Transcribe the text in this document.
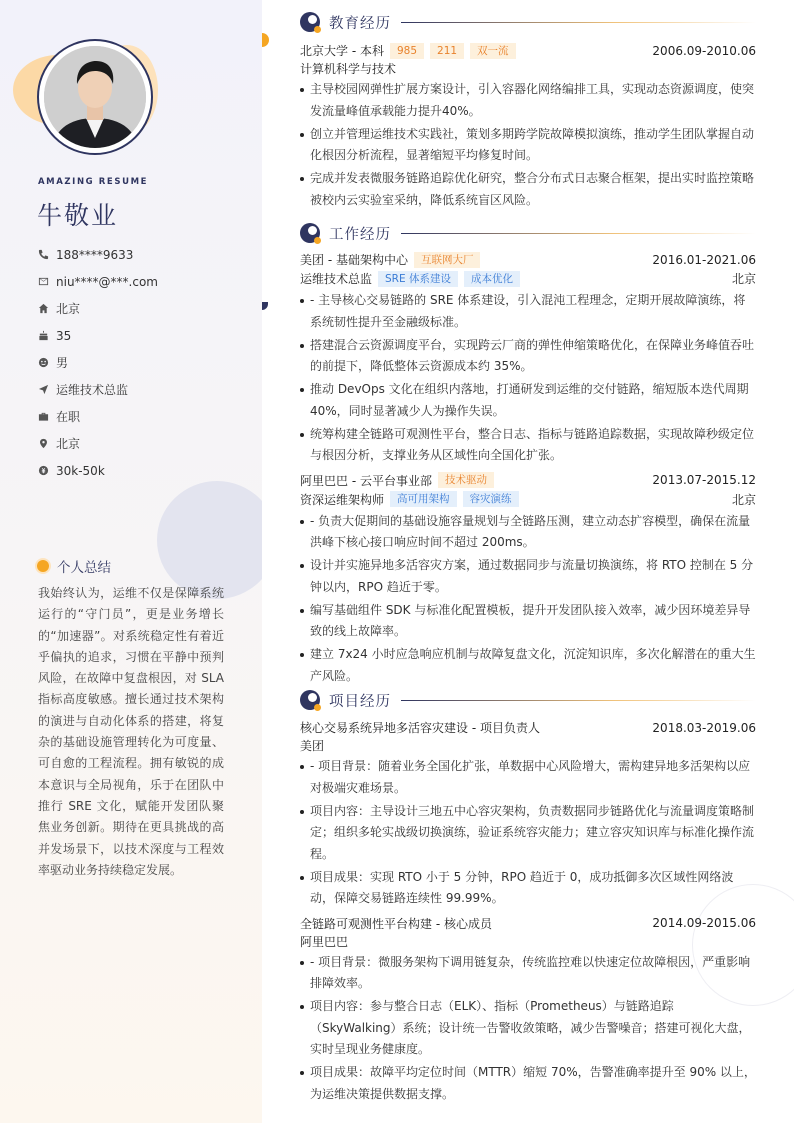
AMAZING RESUME
牛敬业
188****9633
niu****@***.com
北京
35
男
运维技术总监
在职
北京
30k-50k
个人总结
我始终认为，运维不仅是保障系统运行的“守门员”，更是业务增长的“加速器”。对系统稳定性有着近乎偏执的追求，习惯在平静中预判风险，在故障中复盘根因，对 SLA 指标高度敏感。擅长通过技术架构的演进与自动化体系的搭建，将复杂的基础设施管理转化为可度量、可自愈的工程流程。拥有敏锐的成本意识与全局视角，乐于在团队中推行 SRE 文化，赋能开发团队聚焦业务创新。期待在更具挑战的高并发场景下，以技术深度与工程效率驱动业务持续稳定发展。
教育经历
北京大学 - 本科	985	211	双一流	2006.09-2010.06
计算机科学与技术
主导校园网弹性扩展方案设计，引入容器化网络编排工具，实现动态资源调度，使突发流量峰值承载能力提升40%。
创立并管理运维技术实践社，策划多期跨学院故障模拟演练，推动学生团队掌握自动化根因分析流程，显著缩短平均修复时间。
完成并发表微服务链路追踪优化研究，整合分布式日志聚合框架，提出实时监控策略被校内云实验室采纳，降低系统盲区风险。
工作经历
美团 - 基础架构中心	互联网大厂	2016.01-2021.06
运维技术总监	SRE 体系建设	成本优化	北京
- 主导核心交易链路的 SRE 体系建设，引入混沌工程理念，定期开展故障演练，将系统韧性提升至金融级标准。
搭建混合云资源调度平台，实现跨云厂商的弹性伸缩策略优化，在保障业务峰值吞吐的前提下，降低整体云资源成本约 35%。
推动 DevOps 文化在组织内落地，打通研发到运维的交付链路，缩短版本迭代周期 40%，同时显著减少人为操作失误。
统筹构建全链路可观测性平台，整合日志、指标与链路追踪数据，实现故障秒级定位与根因分析，支撑业务从区域性向全国化扩张。
阿里巴巴 - 云平台事业部	技术驱动	2013.07-2015.12
资深运维架构师	高可用架构	容灾演练	北京
- 负责大促期间的基础设施容量规划与全链路压测，建立动态扩容模型，确保在流量洪峰下核心接口响应时间不超过 200ms。
设计并实施异地多活容灾方案，通过数据同步与流量切换演练，将 RTO 控制在 5 分钟以内，RPO 趋近于零。
编写基础组件 SDK 与标准化配置模板，提升开发团队接入效率，减少因环境差异导致的线上故障率。
建立 7x24 小时应急响应机制与故障复盘文化，沉淀知识库，多次化解潜在的重大生产风险。
项目经历
核心交易系统异地多活容灾建设 - 项目负责人	2018.03-2019.06
美团
- 项目背景：随着业务全国化扩张，单数据中心风险增大，需构建异地多活架构以应对极端灾难场景。
项目内容：主导设计三地五中心容灾架构，负责数据同步链路优化与流量调度策略制定；组织多轮实战级切换演练，验证系统容灾能力；建立容灾知识库与标准化操作流程。
项目成果：实现 RTO 小于 5 分钟，RPO 趋近于 0，成功抵御多次区域性网络波动，保障交易链路连续性 99.99%。
全链路可观测性平台构建 - 核心成员	2014.09-2015.06
阿里巴巴
- 项目背景：微服务架构下调用链复杂，传统监控难以快速定位故障根因，严重影响排障效率。
项目内容：参与整合日志（ELK）、指标（Prometheus）与链路追踪（SkyWalking）系统；设计统一告警收敛策略，减少告警噪音；搭建可视化大盘，实时呈现业务健康度。
项目成果：故障平均定位时间（MTTR）缩短 70%，告警准确率提升至 90% 以上，为运维决策提供数据支撑。
